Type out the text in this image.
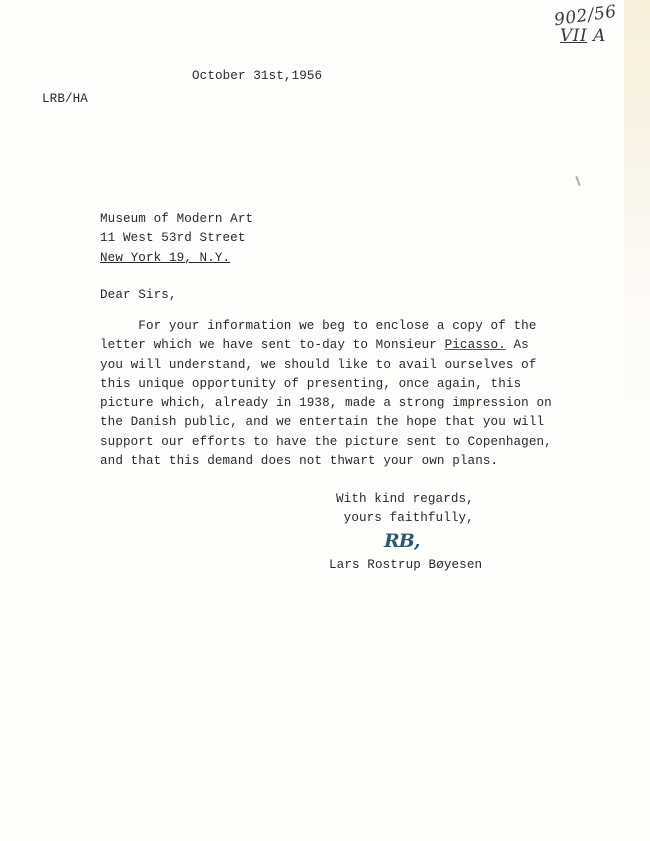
902/56VII A
October 31st,1956
LRB/HA
Museum of Modern Art
11 West 53rd Street
New York 19, N.Y.
Dear Sirs,
For your information we beg to enclose a copy of the
letter which we have sent to-day to Monsieur Picasso. As
you will understand, we should like to avail ourselves of
this unique opportunity of presenting, once again, this
picture which, already in 1938, made a strong impression on
the Danish public, and we entertain the hope that you will
support our efforts to have the picture sent to Copenhagen,
and that this demand does not thwart your own plans.
With kind regards,
yours faithfully,
RB,
Lars Rostrup Bøyesen
